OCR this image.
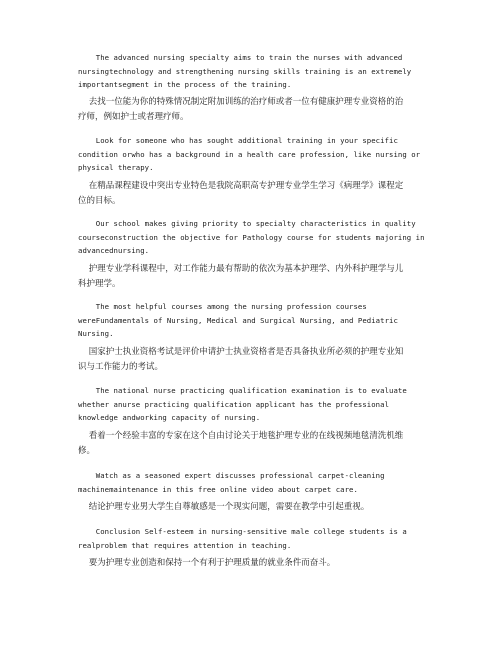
The advanced nursing specialty aims to train the nurses with advanced
nursingtechnology and strengthening nursing skills training is an extremely
importantsegment in the process of the training.
去找一位能为你的特殊情况制定附加训练的治疗师或者一位有健康护理专业资格的治
疗师，例如护士或者理疗师。
Look for someone who has sought additional training in your specific
condition orwho has a background in a health care profession, like nursing or
physical therapy.
在精品课程建设中突出专业特色是我院高职高专护理专业学生学习《病理学》课程定
位的目标。
Our school makes giving priority to specialty characteristics in quality
courseconstruction the objective for Pathology course for students majoring in
advancednursing.
护理专业学科课程中，对工作能力最有帮助的依次为基本护理学、内外科护理学与儿
科护理学。
The most helpful courses among the nursing profession courses
wereFundamentals of Nursing, Medical and Surgical Nursing, and Pediatric
Nursing.
国家护士执业资格考试是评价申请护士执业资格者是否具备执业所必须的护理专业知
识与工作能力的考试。
The national nurse practicing qualification examination is to evaluate
whether anurse practicing qualification applicant has the professional
knowledge andworking capacity of nursing.
看着一个经验丰富的专家在这个自由讨论关于地毯护理专业的在线视频地毯清洗机维
修。
Watch as a seasoned expert discusses professional carpet-cleaning
machinemaintenance in this free online video about carpet care.
结论护理专业男大学生自尊敏感是一个现实问题，需要在教学中引起重视。
Conclusion Self-esteem in nursing-sensitive male college students is a
realproblem that requires attention in teaching.
要为护理专业创造和保持一个有利于护理质量的就业条件而奋斗。
